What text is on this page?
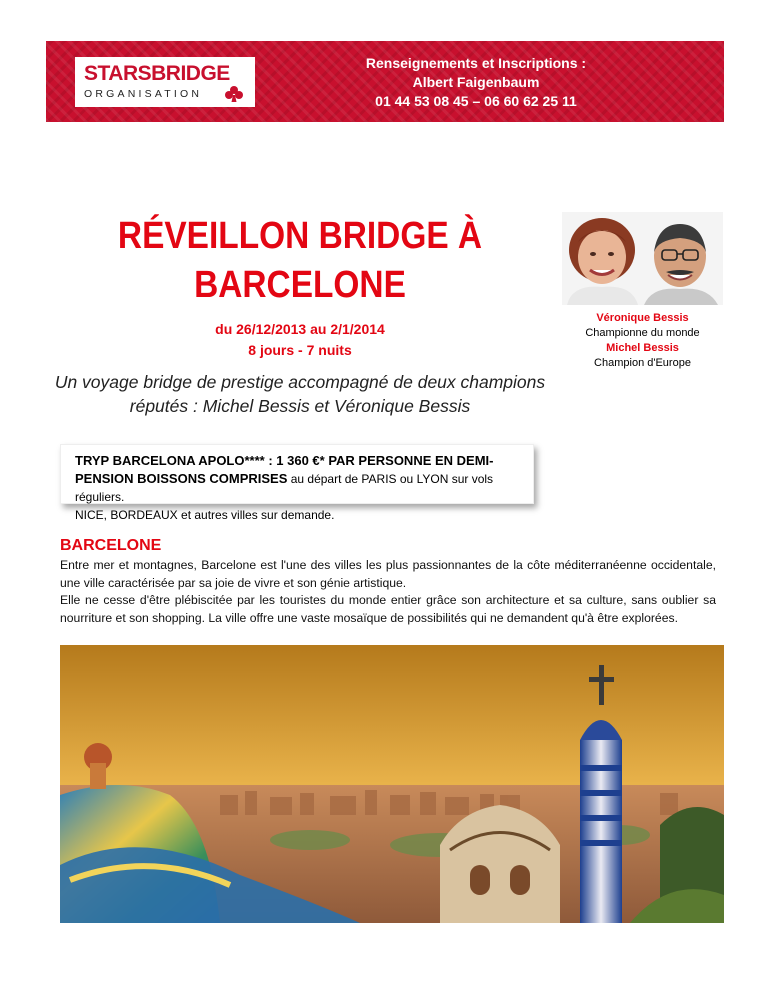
STARSBRIDGE
ORGANISATION
Renseignements et Inscriptions :
Albert Faigenbaum
01 44 53 08 45 – 06 60 62 25 11
RÉVEILLON BRIDGE À
BARCELONE
du 26/12/2013 au 2/1/2014
8 jours - 7 nuits
Un voyage bridge de prestige accompagné de deux champions
réputés : Michel Bessis et Véronique Bessis
Véronique Bessis
Championne du monde
Michel Bessis
Champion d'Europe
TRYP BARCELONA APOLO**** : 1 360 €* PAR PERSONNE EN DEMI-PENSION BOISSONS COMPRISES au départ de PARIS ou LYON sur vols réguliers.
NICE, BORDEAUX et autres villes sur demande.
BARCELONE
Entre mer et montagnes, Barcelone est l'une des villes les plus passionnantes de la côte méditerranéenne occidentale, une ville caractérisée par sa joie de vivre et son génie artistique.
Elle ne cesse d'être plébiscitée par les touristes du monde entier grâce son architecture et sa culture, sans oublier sa nourriture et son shopping. La ville offre une vaste mosaïque de possibilités qui ne demandent qu'à être explorées.
